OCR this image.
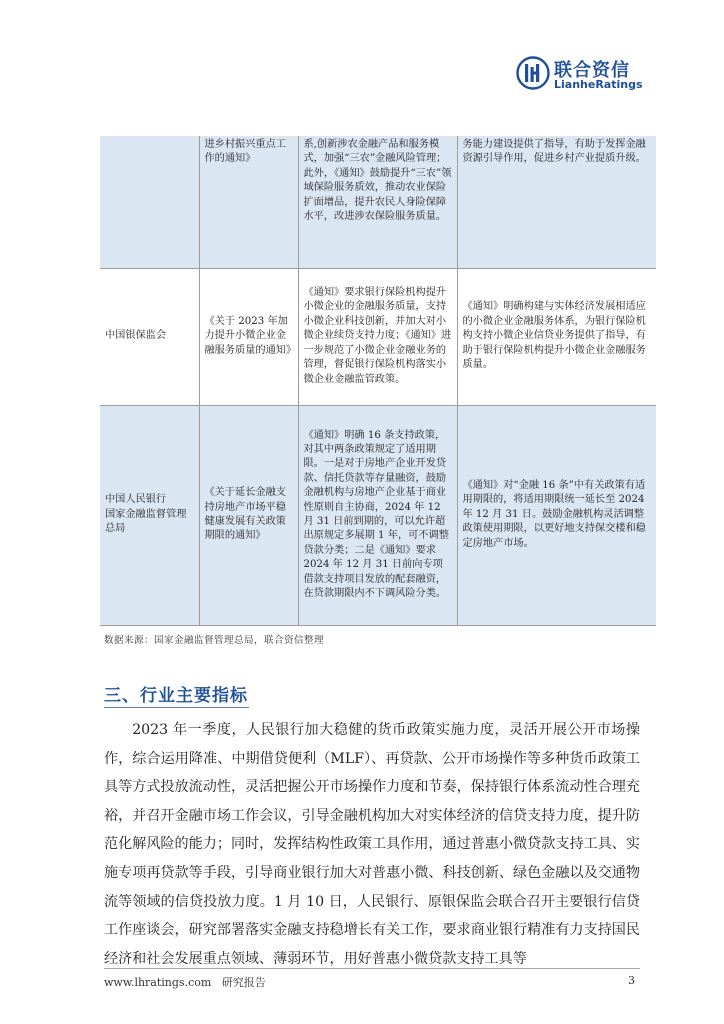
联合资信
LianheRatings
	进乡村振兴重点工作的通知》	系,创新涉农金融产品和服务模式，加强“三农”金融风险管理；此外，《通知》鼓励提升“三农”领域保险服务质效，推动农业保险扩面增品，提升农民人身险保障水平，改进涉农保险服务质量。	务能力建设提供了指导，有助于发挥金融资源引导作用，促进乡村产业提质升级。
中国银保监会	《关于 2023 年加力提升小微企业金融服务质量的通知》	《通知》要求银行保险机构提升小微企业的金融服务质量，支持小微企业科技创新，并加大对小微企业续贷支持力度；《通知》进一步规范了小微企业金融业务的管理，督促银行保险机构落实小微企业金融监管政策。	《通知》明确构建与实体经济发展相适应的小微企业金融服务体系，为银行保险机构支持小微企业信贷业务提供了指导，有助于银行保险机构提升小微企业金融服务质量。
中国人民银行
国家金融监督管理总局	《关于延长金融支持房地产市场平稳健康发展有关政策期限的通知》	《通知》明确 16 条支持政策，对其中两条政策规定了适用期限。一是对于房地产企业开发贷款、信托贷款等存量融资，鼓励金融机构与房地产企业基于商业性原则自主协商，2024 年 12 月 31 日前到期的，可以允许超出原规定多展期 1 年，可不调整贷款分类；二是《通知》要求 2024 年 12 月 31 日前向专项借款支持项目发放的配套融资，在贷款期限内不下调风险分类。	《通知》对“金融 16 条”中有关政策有适用期限的，将适用期限统一延长至 2024 年 12 月 31 日。鼓励金融机构灵活调整政策使用期限，以更好地支持保交楼和稳定房地产市场。
数据来源：国家金融监督管理总局，联合资信整理
三、行业主要指标

2023 年一季度，人民银行加大稳健的货币政策实施力度，灵活开展公开市场操作，综合运用降准、中期借贷便利（MLF）、再贷款、公开市场操作等多种货币政策工具等方式投放流动性，灵活把握公开市场操作力度和节奏，保持银行体系流动性合理充裕，并召开金融市场工作会议，引导金融机构加大对实体经济的信贷支持力度，提升防范化解风险的能力；同时，发挥结构性政策工具作用，通过普惠小微贷款支持工具、实施专项再贷款等手段，引导商业银行加大对普惠小微、科技创新、绿色金融以及交通物流等领域的信贷投放力度。1 月 10 日，人民银行、原银保监会联合召开主要银行信贷工作座谈会，研究部署落实金融支持稳增长有关工作，要求商业银行精准有力支持国民经济和社会发展重点领域、薄弱环节，用好普惠小微贷款支持工具等

www.lhratings.com 研究报告	3
